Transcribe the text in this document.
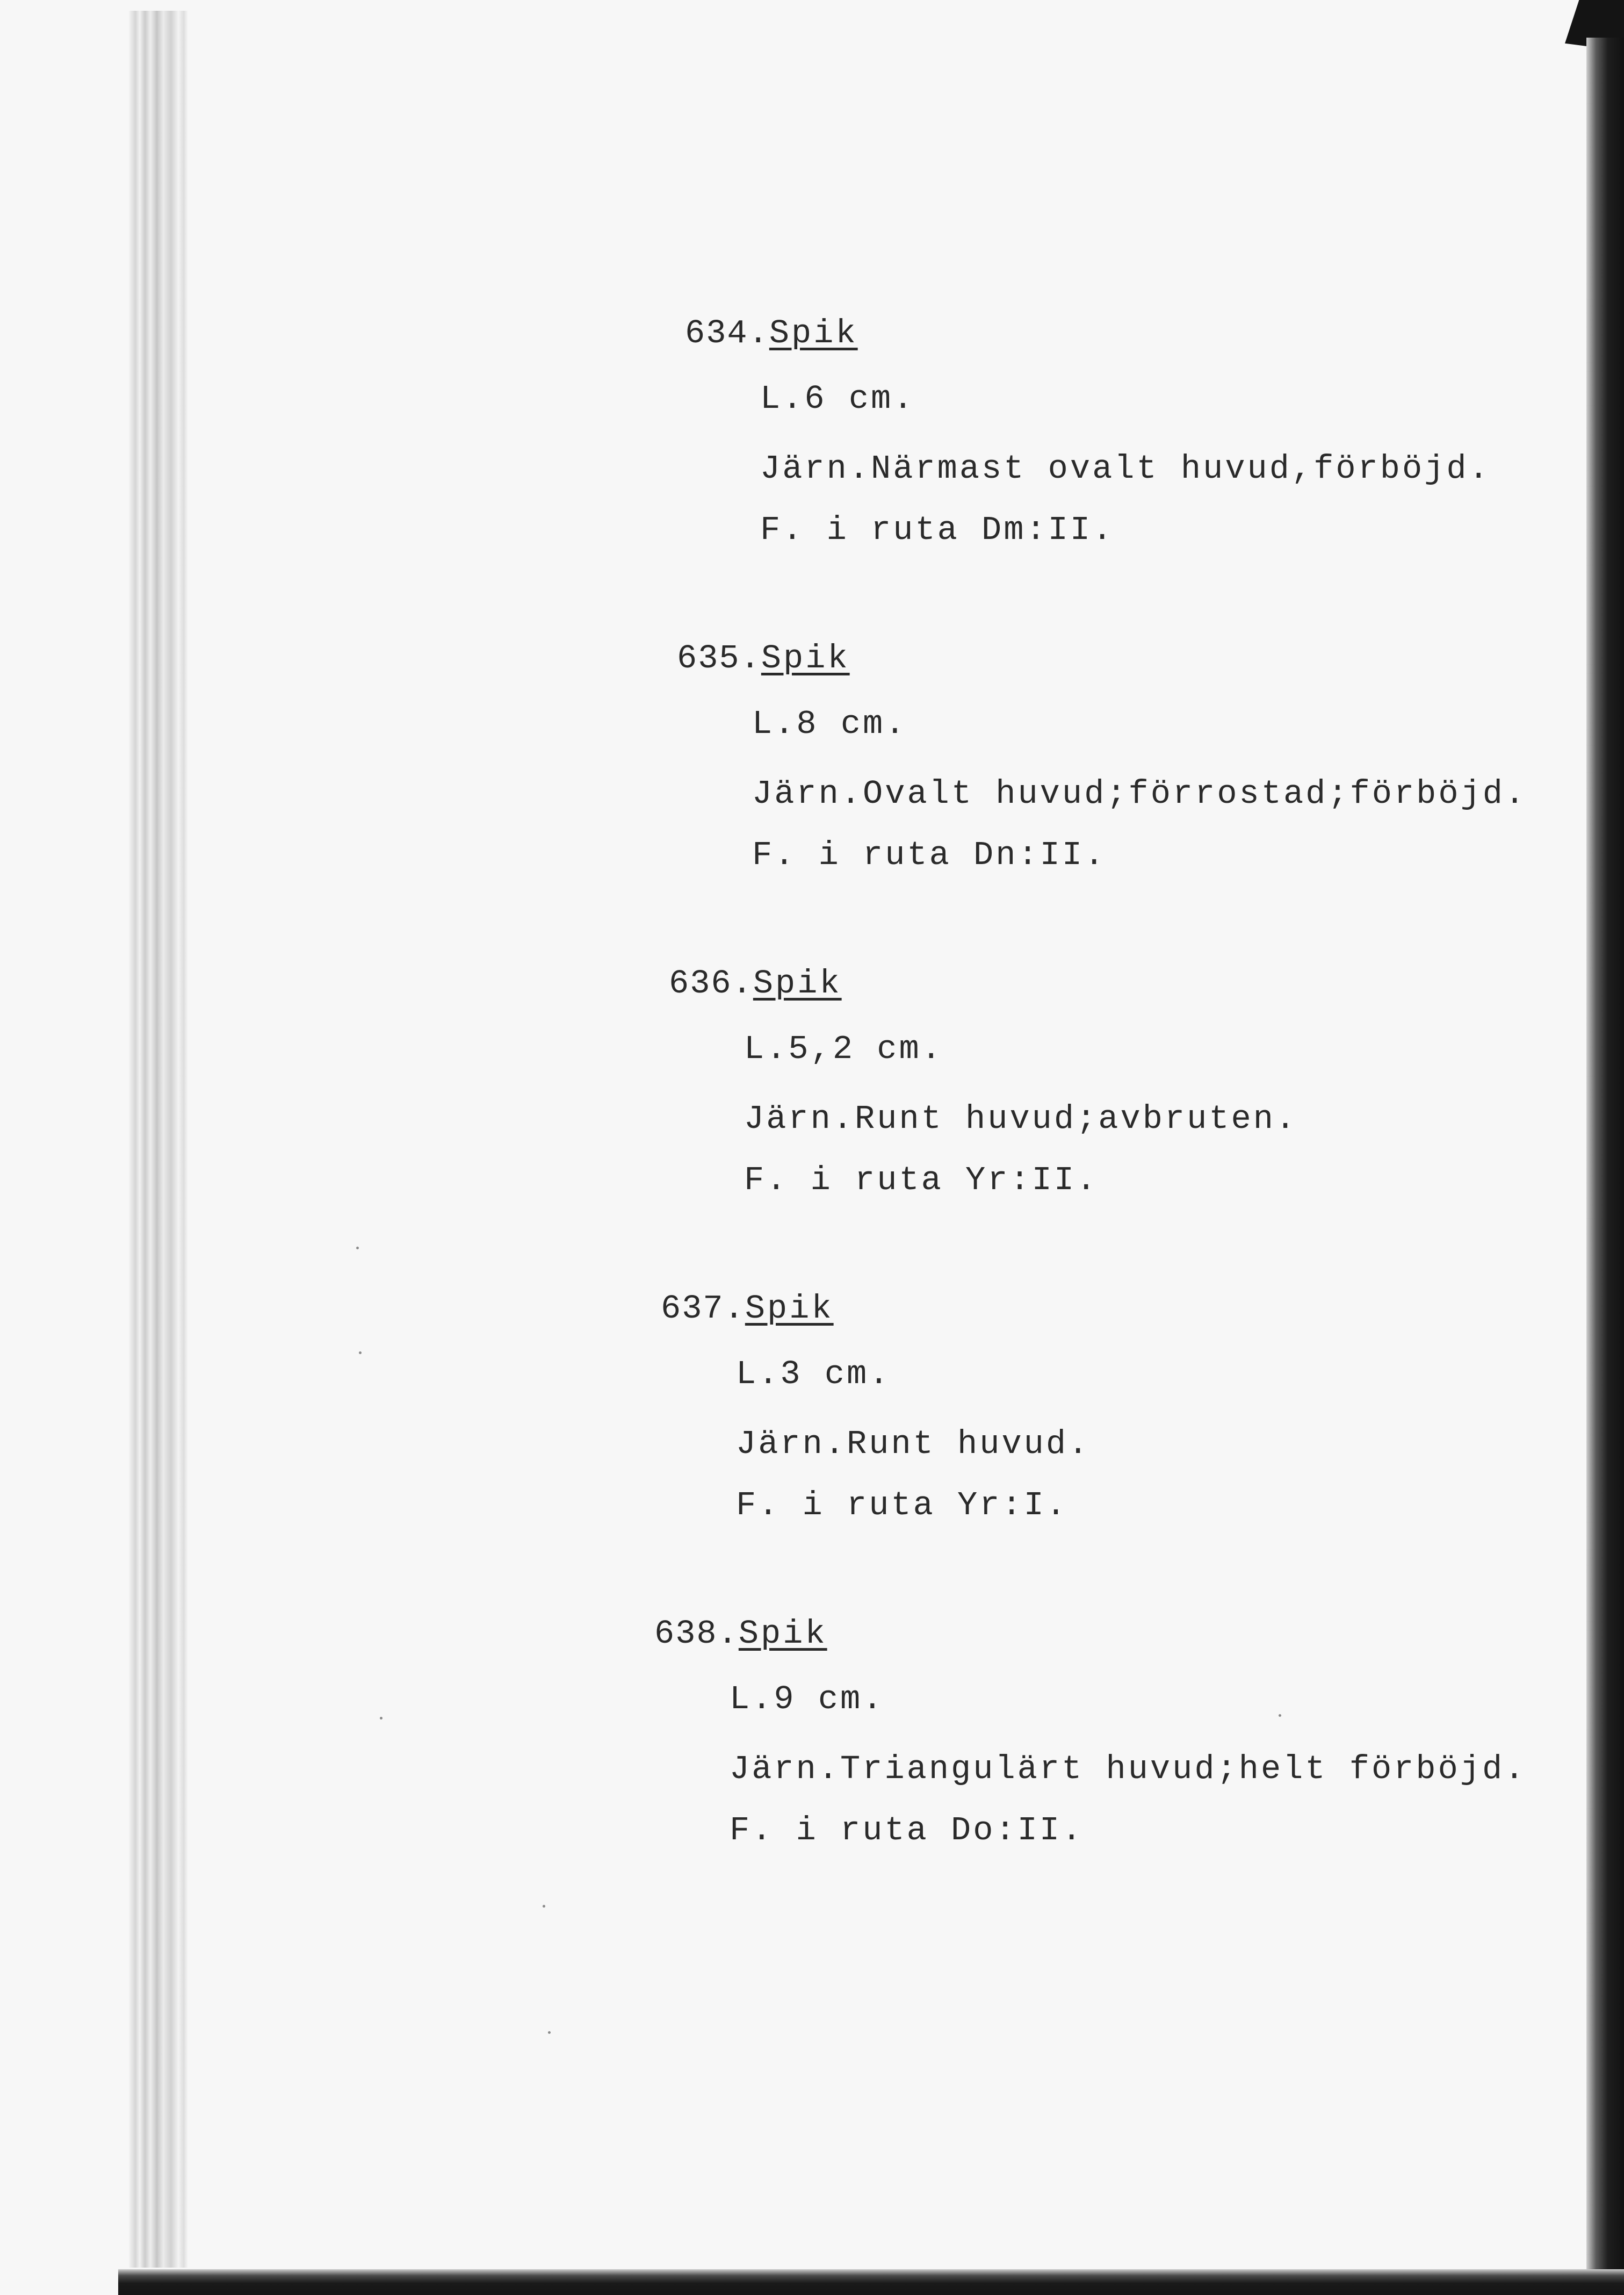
634.Spik
L.6 cm.
Järn.Närmast ovalt huvud,förböjd.
F. i ruta Dm:II.
635.Spik
L.8 cm.
Järn.Ovalt huvud;förrostad;förböjd.
F. i ruta Dn:II.
636.Spik
L.5,2 cm.
Järn.Runt huvud;avbruten.
F. i ruta Yr:II.
637.Spik
L.3 cm.
Järn.Runt huvud.
F. i ruta Yr:I.
638.Spik
L.9 cm.
Järn.Triangulärt huvud;helt förböjd.
F. i ruta Do:II.
